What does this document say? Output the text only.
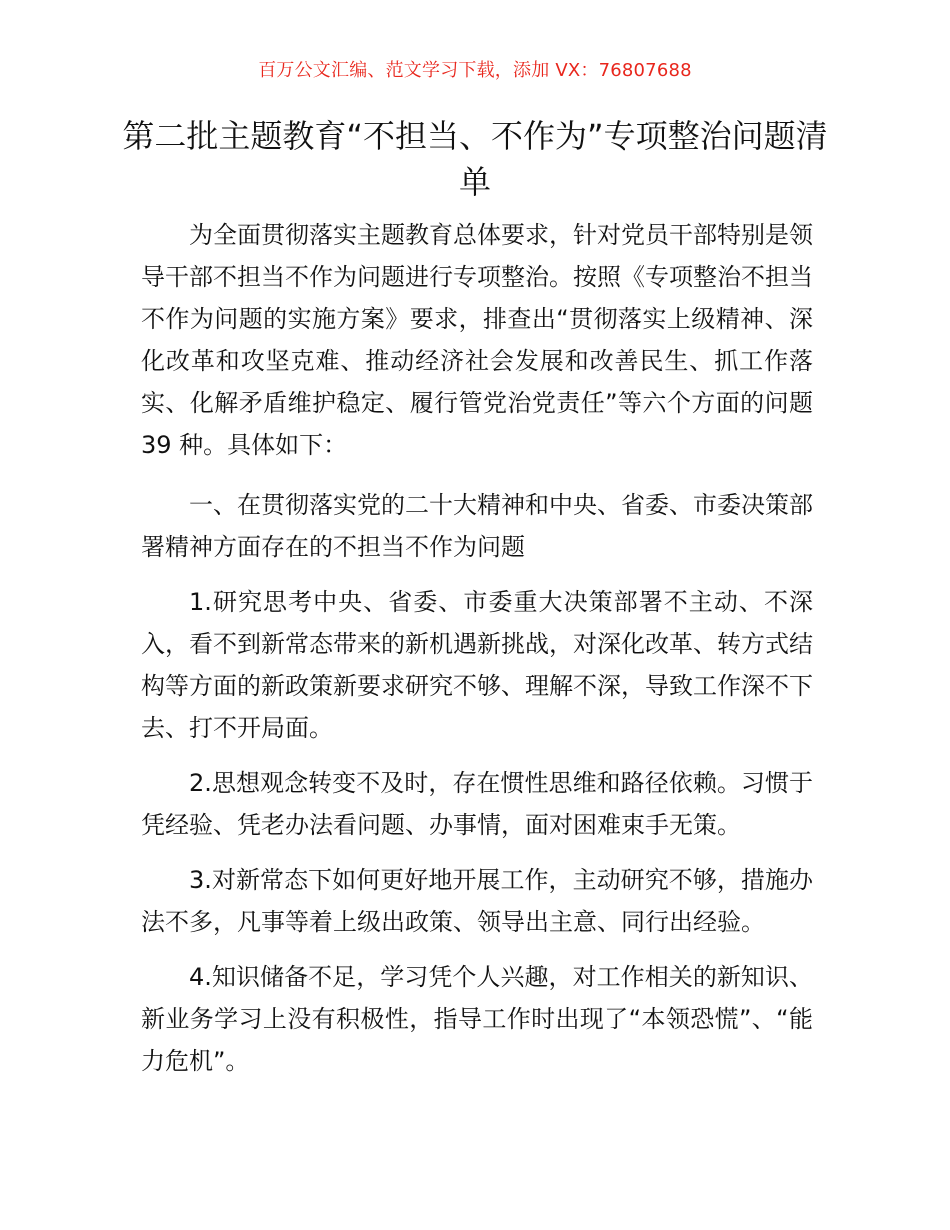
百万公文汇编、范文学习下载，添加 VX：76807688
第二批主题教育“不担当、不作为”专项整治问题清单

为全面贯彻落实主题教育总体要求，针对党员干部特别是领导干部不担当不作为问题进行专项整治。按照《专项整治不担当不作为问题的实施方案》要求，排查出“贯彻落实上级精神、深化改革和攻坚克难、推动经济社会发展和改善民生、抓工作落实、化解矛盾维护稳定、履行管党治党责任”等六个方面的问题 39 种。具体如下：

一、在贯彻落实党的二十大精神和中央、省委、市委决策部署精神方面存在的不担当不作为问题

1.研究思考中央、省委、市委重大决策部署不主动、不深入，看不到新常态带来的新机遇新挑战，对深化改革、转方式结构等方面的新政策新要求研究不够、理解不深，导致工作深不下去、打不开局面。

2.思想观念转变不及时，存在惯性思维和路径依赖。习惯于凭经验、凭老办法看问题、办事情，面对困难束手无策。

3.对新常态下如何更好地开展工作，主动研究不够，措施办法不多，凡事等着上级出政策、领导出主意、同行出经验。

4.知识储备不足，学习凭个人兴趣，对工作相关的新知识、新业务学习上没有积极性，指导工作时出现了“本领恐慌”、“能力危机”。
